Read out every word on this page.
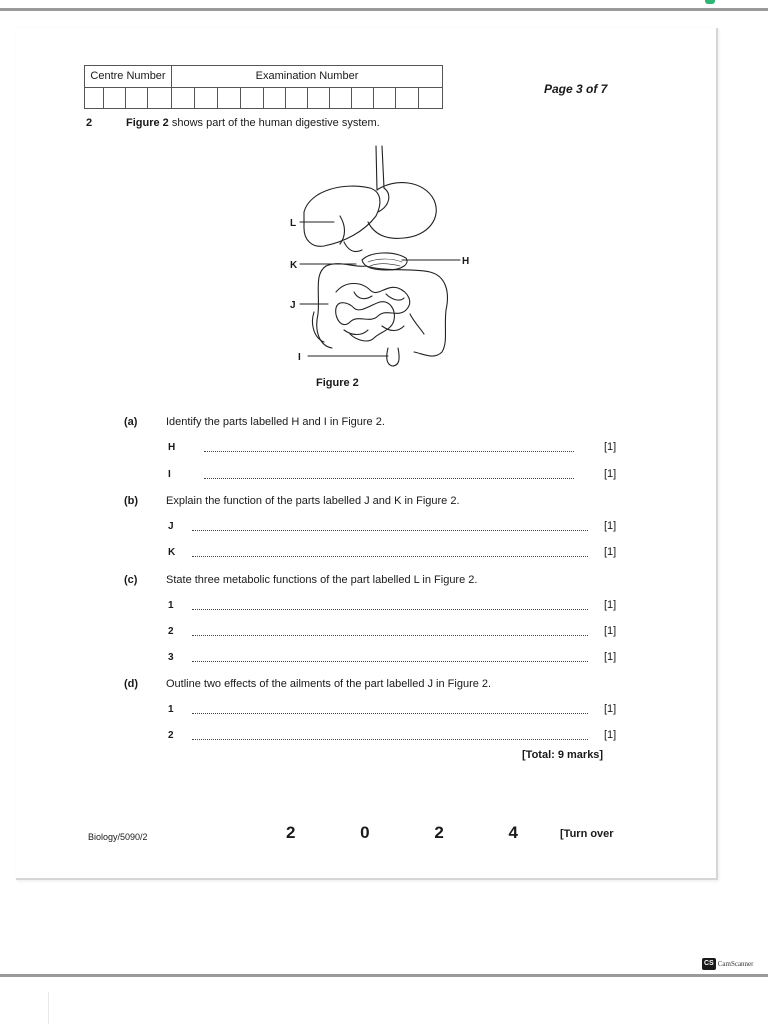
Centre Number	Examination Number
Page 3 of 7
2	Figure 2 shows part of the human digestive system.
L
K	H
J
I
Figure 2
(a)	Identify the parts labelled H and I in Figure 2.
H	[1]
I	[1]
(b)	Explain the function of the parts labelled J and K in Figure 2.
J	[1]
K	[1]
(c)	State three metabolic functions of the part labelled L in Figure 2.
1	[1]
2	[1]
3	[1]
(d)	Outline two effects of the ailments of the part labelled J in Figure 2.
1	[1]
2	[1]
[Total: 9 marks]
Biology/5090/2	2 0 2 4 [Turn over
CS CamScanner
